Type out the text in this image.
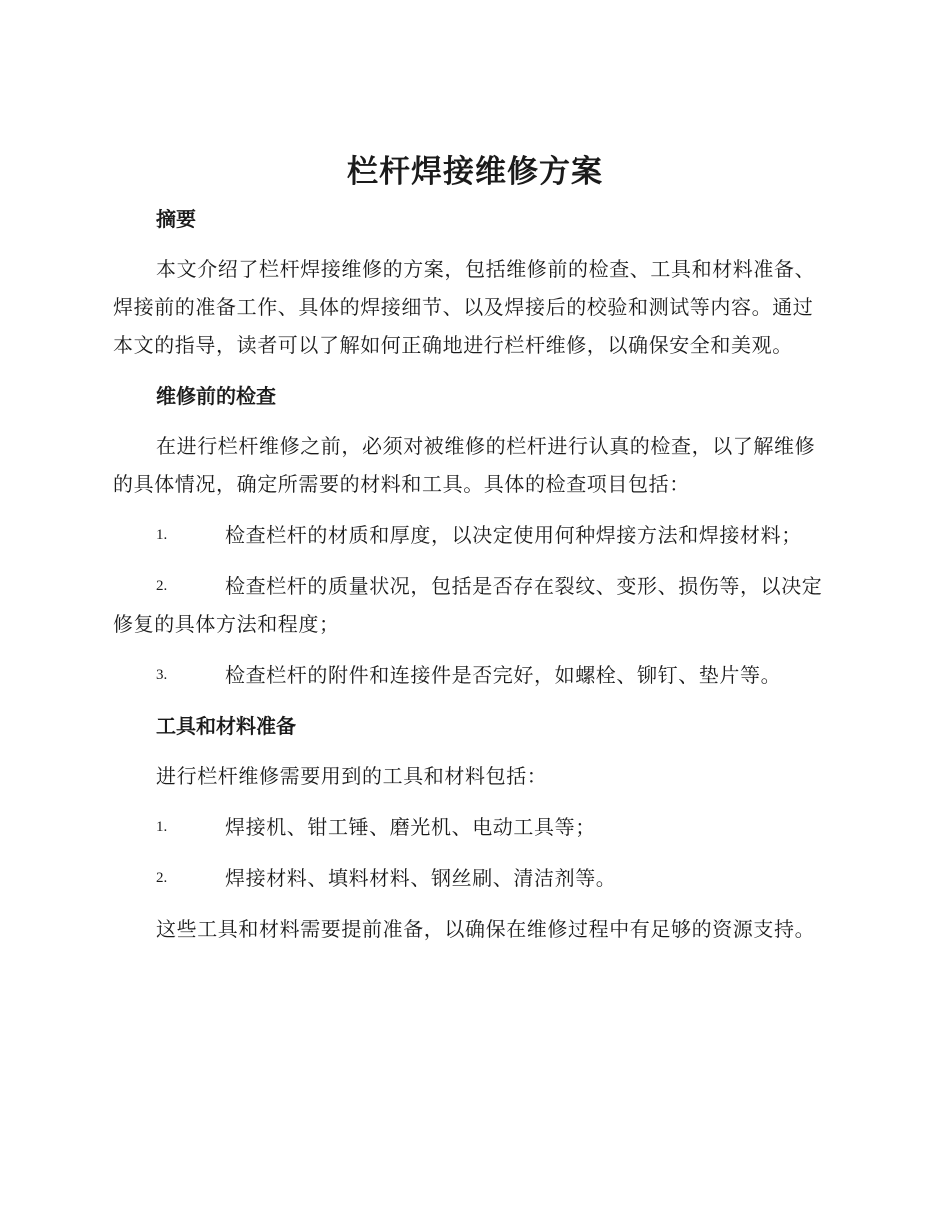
栏杆焊接维修方案
摘要
本文介绍了栏杆焊接维修的方案，包括维修前的检查、工具和材料准备、焊接前的准备工作、具体的焊接细节、以及焊接后的校验和测试等内容。通过本文的指导，读者可以了解如何正确地进行栏杆维修，以确保安全和美观。
维修前的检查
在进行栏杆维修之前，必须对被维修的栏杆进行认真的检查，以了解维修的具体情况，确定所需要的材料和工具。具体的检查项目包括：
1.	检查栏杆的材质和厚度，以决定使用何种焊接方法和焊接材料；
2.	检查栏杆的质量状况，包括是否存在裂纹、变形、损伤等，以决定修复的具体方法和程度；
3.	检查栏杆的附件和连接件是否完好，如螺栓、铆钉、垫片等。
工具和材料准备
进行栏杆维修需要用到的工具和材料包括：
1.	焊接机、钳工锤、磨光机、电动工具等；
2.	焊接材料、填料材料、钢丝刷、清洁剂等。
这些工具和材料需要提前准备，以确保在维修过程中有足够的资源支持。
